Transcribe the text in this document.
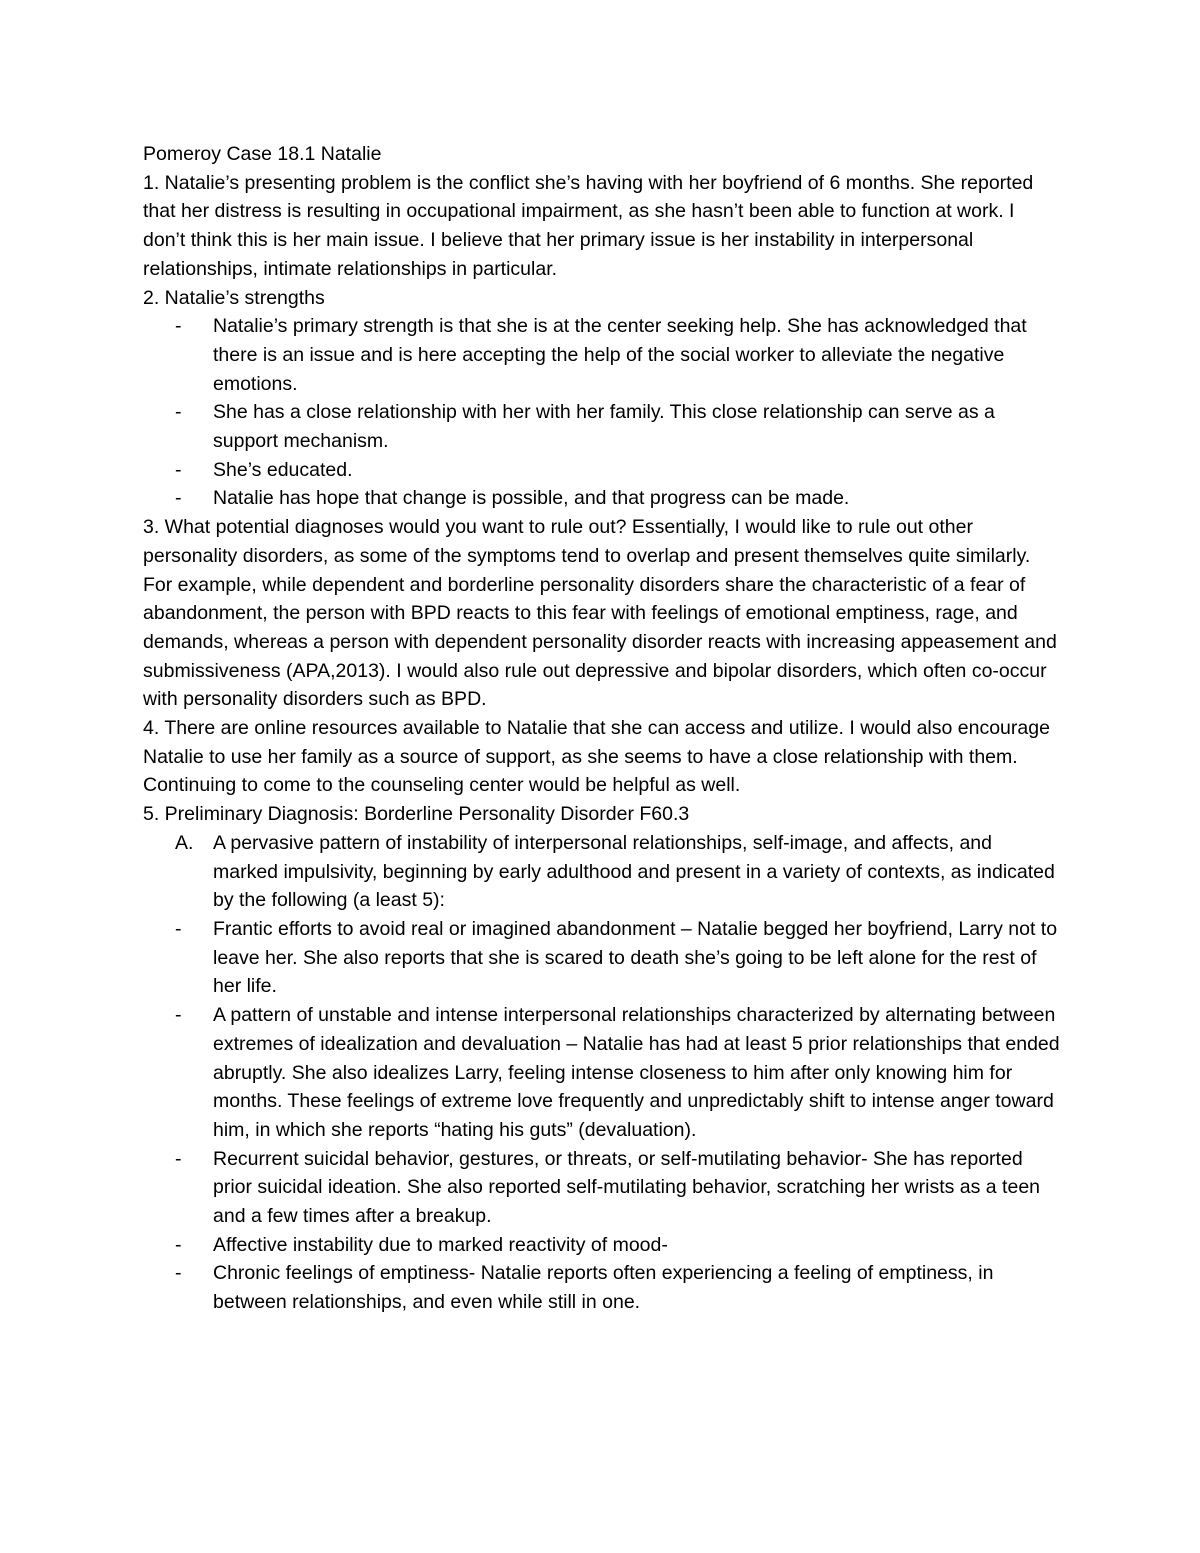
Pomeroy Case 18.1 Natalie

1. Natalie’s presenting problem is the conflict she’s having with her boyfriend of 6 months. She reported that her distress is resulting in occupational impairment, as she hasn’t been able to function at work. I don’t think this is her main issue. I believe that her primary issue is her instability in interpersonal relationships, intimate relationships in particular.

2. Natalie’s strengths

- Natalie’s primary strength is that she is at the center seeking help. She has acknowledged that there is an issue and is here accepting the help of the social worker to alleviate the negative emotions.
- She has a close relationship with her with her family. This close relationship can serve as a support mechanism.
- She’s educated.
- Natalie has hope that change is possible, and that progress can be made.

3. What potential diagnoses would you want to rule out? Essentially, I would like to rule out other personality disorders, as some of the symptoms tend to overlap and present themselves quite similarly. For example, while dependent and borderline personality disorders share the characteristic of a fear of abandonment, the person with BPD reacts to this fear with feelings of emotional emptiness, rage, and demands, whereas a person with dependent personality disorder reacts with increasing appeasement and submissiveness (APA,2013). I would also rule out depressive and bipolar disorders, which often co-occur with personality disorders such as BPD.

4. There are online resources available to Natalie that she can access and utilize. I would also encourage Natalie to use her family as a source of support, as she seems to have a close relationship with them. Continuing to come to the counseling center would be helpful as well.

5. Preliminary Diagnosis: Borderline Personality Disorder F60.3

A. A pervasive pattern of instability of interpersonal relationships, self-image, and affects, and marked impulsivity, beginning by early adulthood and present in a variety of contexts, as indicated by the following (a least 5):
- Frantic efforts to avoid real or imagined abandonment – Natalie begged her boyfriend, Larry not to leave her. She also reports that she is scared to death she’s going to be left alone for the rest of her life.
- A pattern of unstable and intense interpersonal relationships characterized by alternating between extremes of idealization and devaluation – Natalie has had at least 5 prior relationships that ended abruptly. She also idealizes Larry, feeling intense closeness to him after only knowing him for months. These feelings of extreme love frequently and unpredictably shift to intense anger toward him, in which she reports “hating his guts” (devaluation).
- Recurrent suicidal behavior, gestures, or threats, or self-mutilating behavior- She has reported prior suicidal ideation. She also reported self-mutilating behavior, scratching her wrists as a teen and a few times after a breakup.
- Affective instability due to marked reactivity of mood-
- Chronic feelings of emptiness- Natalie reports often experiencing a feeling of emptiness, in between relationships, and even while still in one.
